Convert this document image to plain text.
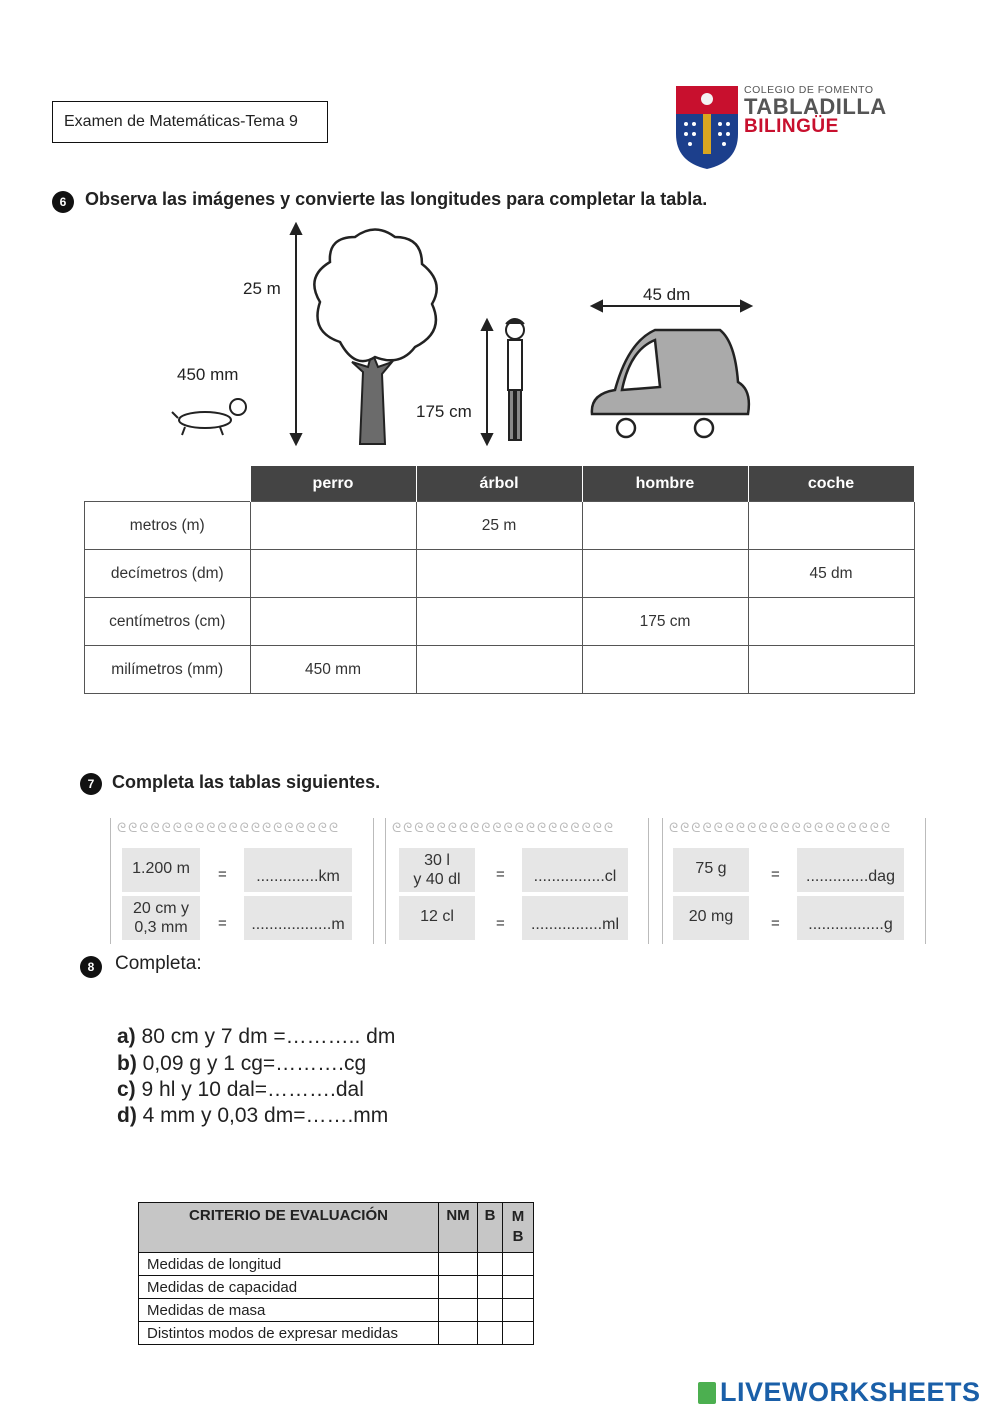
Examen de Matemáticas-Tema 9
COLEGIO DE FOMENTO
TABLADILLA
BILINGÜE
6	Observa las imágenes y convierte las longitudes para completar la tabla.
25 m
450 mm
175 cm
45 dm
	perro	árbol	hombre	coche
metros (m)		25 m		
decímetros (dm)				45 dm
centímetros (cm)			175 cm	
milímetros (mm)	450 mm			
7 Completa las tablas siguientes.
ᘓᘓᘓᘓᘓᘓᘓᘓᘓᘓᘓᘓᘓᘓᘓᘓᘓᘓᘓᘓ
1.200 m	=	..............km
20 cm y
0,3 mm	=	..................m
ᘓᘓᘓᘓᘓᘓᘓᘓᘓᘓᘓᘓᘓᘓᘓᘓᘓᘓᘓᘓ
30 l
y 40 dl	=	................cl
12 cl	=	................ml
ᘓᘓᘓᘓᘓᘓᘓᘓᘓᘓᘓᘓᘓᘓᘓᘓᘓᘓᘓᘓ
75 g	=	..............dag
20 mg	=	.................g
8	Completa:
a) 80 cm y 7 dm =……….. dm
b) 0,09 g y 1 cg=……….cg
c) 9 hl y 10 dal=……….dal
d) 4 mm y 0,03 dm=…….mm
CRITERIO DE EVALUACIÓN	NM	B	M
B
Medidas de longitud			
Medidas de capacidad			
Medidas de masa			
Distintos modos de expresar medidas			
LIVEWORKSHEETS
